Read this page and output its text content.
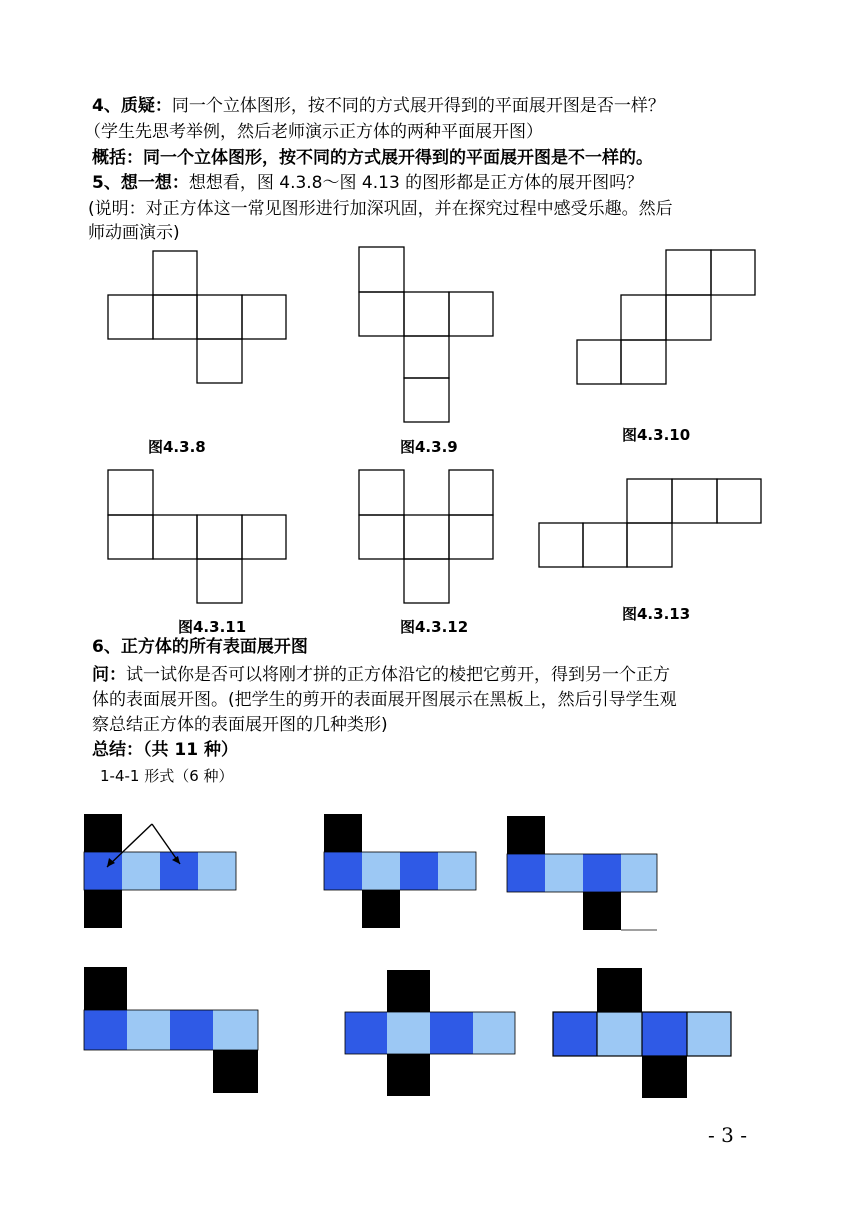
4、质疑：同一个立体图形，按不同的方式展开得到的平面展开图是否一样？
（学生先思考举例，然后老师演示正方体的两种平面展开图）
概括：同一个立体图形，按不同的方式展开得到的平面展开图是不一样的。
5、想一想：想想看，图 4.3.8～图 4.13 的图形都是正方体的展开图吗？
(说明：对正方体这一常见图形进行加深巩固，并在探究过程中感受乐趣。然后
师动画演示)
图4.3.8	图4.3.9
图4.3.10
图4.3.11	图4.3.12
图4.3.13
6、正方体的所有表面展开图
问：试一试你是否可以将刚才拼的正方体沿它的棱把它剪开，得到另一个正方
体的表面展开图。(把学生的剪开的表面展开图展示在黑板上，然后引导学生观
察总结正方体的表面展开图的几种类形)
总结：（共 11 种）
1-4-1 形式（6 种）
- 3 -
